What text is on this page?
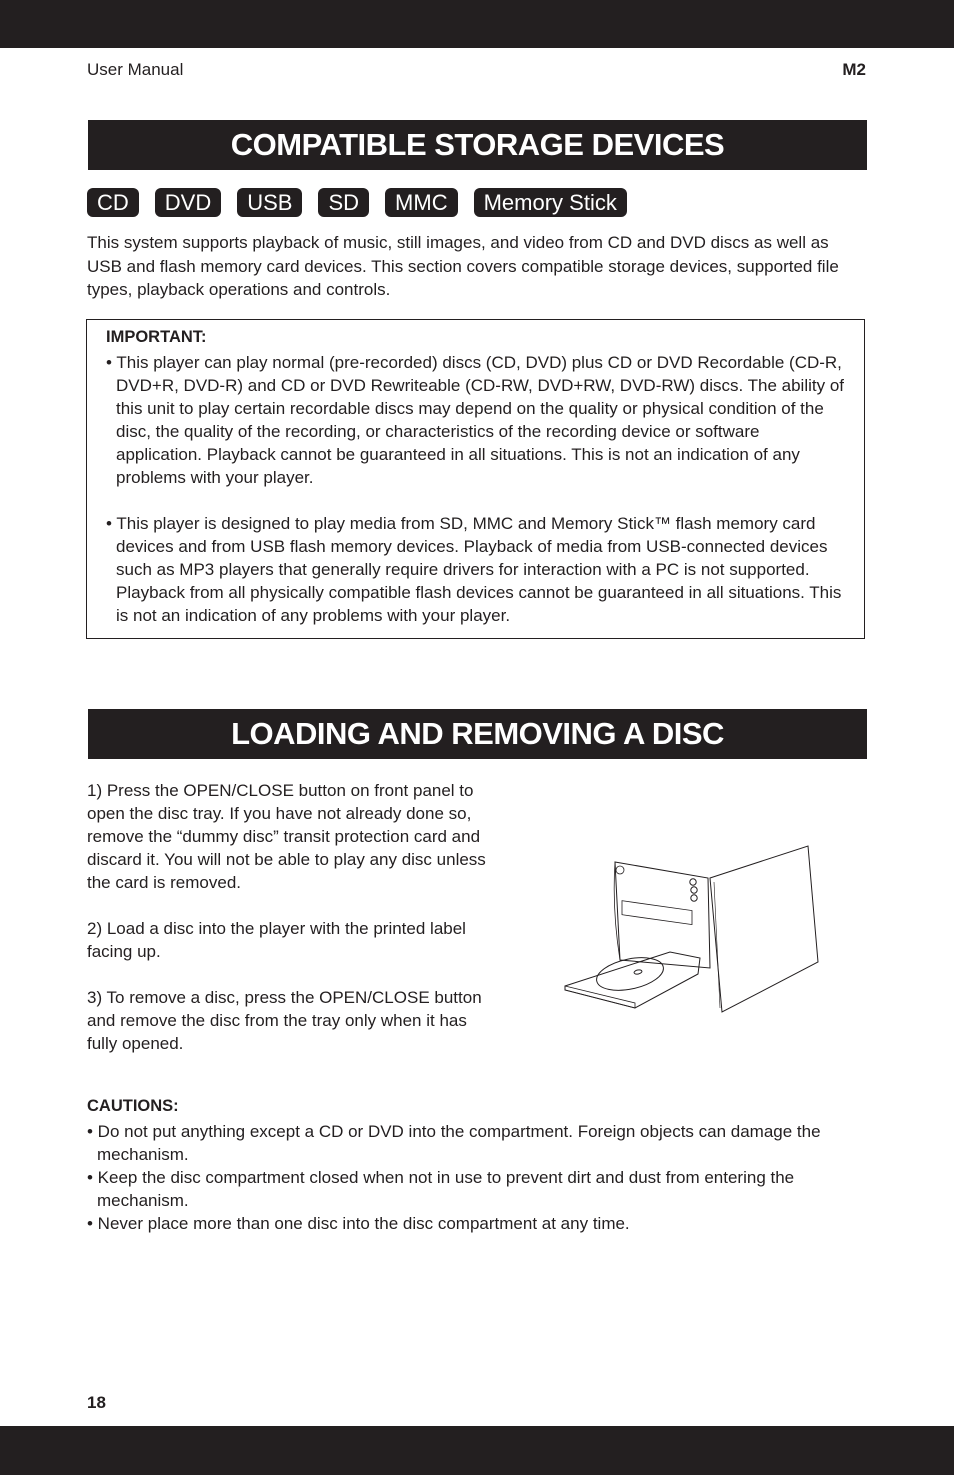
User Manual	M2
COMPATIBLE STORAGE DEVICES
CD	DVD	USB	SD	MMC	Memory Stick

This system supports playback of music, still images, and video from CD and DVD discs as well as USB and flash memory card devices. This section covers compatible storage devices, supported file types, playback operations and controls.

IMPORTANT:
• This player can play normal (pre-recorded) discs (CD, DVD) plus CD or DVD Recordable (CD-R, DVD+R, DVD-R) and CD or DVD Rewriteable (CD-RW, DVD+RW, DVD-RW) discs. The ability of this unit to play certain recordable discs may depend on the quality or physical condition of the disc, the quality of the recording, or characteristics of the recording device or software application. Playback cannot be guaranteed in all situations. This is not an indication of any problems with your player.
• This player is designed to play media from SD, MMC and Memory Stick™ flash memory card devices and from USB flash memory devices. Playback of media from USB-connected devices such as MP3 players that generally require drivers for interaction with a PC is not supported. Playback from all physically compatible flash devices cannot be guaranteed in all situations. This is not an indication of any problems with your player.
LOADING AND REMOVING A DISC
1) Press the OPEN/CLOSE button on front panel to open the disc tray. If you have not already done so, remove the “dummy disc” transit protection card and discard it. You will not be able to play any disc unless the card is removed.
2) Load a disc into the player with the printed label facing up.
3) To remove a disc, press the OPEN/CLOSE button and remove the disc from the tray only when it has fully opened.
CAUTIONS:
• Do not put anything except a CD or DVD into the compartment. Foreign objects can damage the mechanism.
• Keep the disc compartment closed when not in use to prevent dirt and dust from entering the mechanism.
• Never place more than one disc into the disc compartment at any time.
18
